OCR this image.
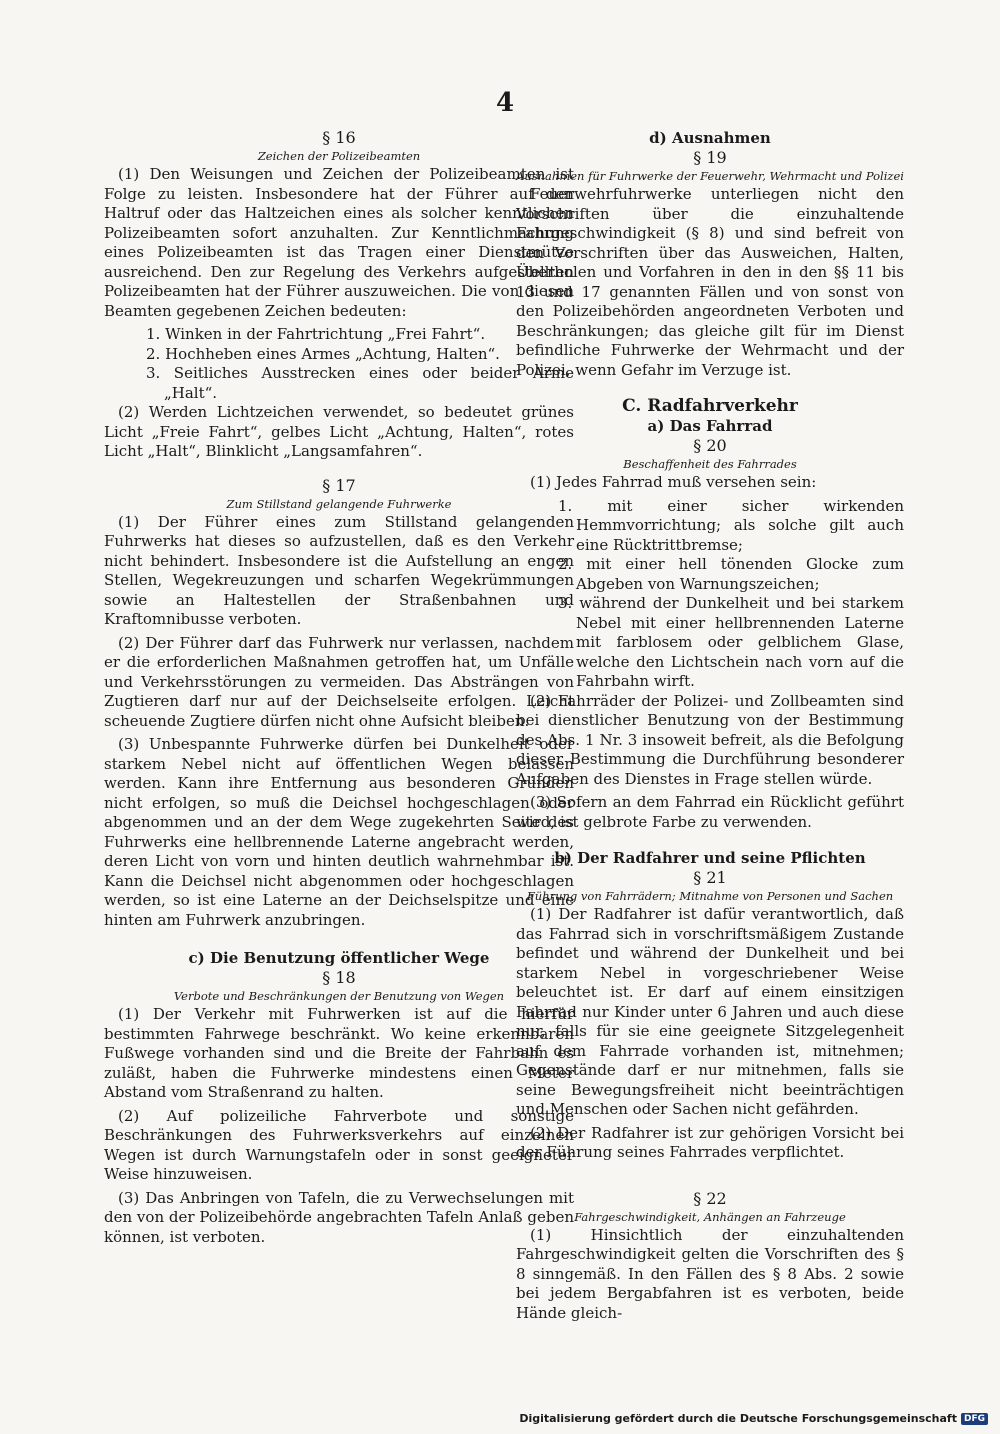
4

§ 16

Zeichen der Polizeibeamten

(1) Den Weisungen und Zeichen der Polizeibeamten ist Folge zu leisten. Insbesondere hat der Führer auf den Haltruf oder das Haltzeichen eines als solcher kenntlichen Polizeibeamten sofort anzuhalten. Zur Kenntlichmachung eines Polizeibeamten ist das Tragen einer Dienstmütze ausreichend. Den zur Regelung des Verkehrs aufgestellten Polizeibeamten hat der Führer auszuweichen. Die von diesen Beamten gegebenen Zeichen bedeuten:

1. Winken in der Fahrtrichtung „Frei Fahrt“.

2. Hochheben eines Armes „Achtung, Halten“.

3. Seitliches Ausstrecken eines oder beider Arme „Halt“.

(2) Werden Lichtzeichen verwendet, so bedeutet grünes Licht „Freie Fahrt“, gelbes Licht „Achtung, Halten“, rotes Licht „Halt“, Blinklicht „Langsamfahren“.

§ 17

Zum Stillstand gelangende Fuhrwerke

(1) Der Führer eines zum Stillstand gelangenden Fuhrwerks hat dieses so aufzustellen, daß es den Verkehr nicht behindert. Insbesondere ist die Aufstellung an engen Stellen, Wegekreuzungen und scharfen Wegekrümmungen sowie an Haltestellen der Straßenbahnen und Kraftomnibusse verboten.

(2) Der Führer darf das Fuhrwerk nur verlassen, nachdem er die erforderlichen Maßnahmen getroffen hat, um Unfälle und Verkehrsstörungen zu vermeiden. Das Absträngen von Zugtieren darf nur auf der Deichselseite erfolgen. Leicht scheuende Zugtiere dürfen nicht ohne Aufsicht bleiben.

(3) Unbespannte Fuhrwerke dürfen bei Dunkelheit oder starkem Nebel nicht auf öffentlichen Wegen belassen werden. Kann ihre Entfernung aus besonderen Gründen nicht erfolgen, so muß die Deichsel hochgeschlagen oder abgenommen und an der dem Wege zugekehrten Seite des Fuhrwerks eine hellbrennende Laterne angebracht werden, deren Licht von vorn und hinten deutlich wahrnehmbar ist. Kann die Deichsel nicht abgenommen oder hochgeschlagen werden, so ist eine Laterne an der Deichselspitze und eine hinten am Fuhrwerk anzubringen.

c) Die Benutzung öffentlicher Wege

§ 18

Verbote und Beschränkungen der Benutzung von Wegen

(1) Der Verkehr mit Fuhrwerken ist auf die hierfür bestimmten Fahrwege beschränkt. Wo keine erkennbaren Fußwege vorhanden sind und die Breite der Fahrbahn es zuläßt, haben die Fuhrwerke mindestens einen Meter Abstand vom Straßenrand zu halten.

(2) Auf polizeiliche Fahrverbote und sonstige Beschränkungen des Fuhrwerksverkehrs auf einzelnen Wegen ist durch Warnungstafeln oder in sonst geeigneter Weise hinzuweisen.

(3) Das Anbringen von Tafeln, die zu Verwechselungen mit den von der Polizeibehörde angebrachten Tafeln Anlaß geben können, ist verboten.

d) Ausnahmen

§ 19

Ausnahmen für Fuhrwerke der Feuerwehr, Wehrmacht und Polizei

Feuerwehrfuhrwerke unterliegen nicht den Vorschriften über die einzuhaltende Fahrgeschwindigkeit (§ 8) und sind befreit von den Vorschriften über das Ausweichen, Halten, Überholen und Vorfahren in den in den §§ 11 bis 13 und 17 genannten Fällen und von sonst von den Polizeibehörden angeordneten Verboten und Beschränkungen; das gleiche gilt für im Dienst befindliche Fuhrwerke der Wehrmacht und der Polizei, wenn Gefahr im Verzuge ist.

C. Radfahrverkehr

a) Das Fahrrad

§ 20

Beschaffenheit des Fahrrades

(1) Jedes Fahrrad muß versehen sein:

1. mit einer sicher wirkenden Hemmvorrichtung; als solche gilt auch eine Rücktrittbremse;

2. mit einer hell tönenden Glocke zum Abgeben von Warnungszeichen;

3. während der Dunkelheit und bei starkem Nebel mit einer hellbrennenden Laterne mit farblosem oder gelblichem Glase, welche den Lichtschein nach vorn auf die Fahrbahn wirft.

(2) Fahrräder der Polizei- und Zollbeamten sind bei dienstlicher Benutzung von der Bestimmung des Abs. 1 Nr. 3 insoweit befreit, als die Befolgung dieser Bestimmung die Durchführung besonderer Aufgaben des Dienstes in Frage stellen würde.

(3) Sofern an dem Fahrrad ein Rücklicht geführt wird, ist gelbrote Farbe zu verwenden.

b) Der Radfahrer und seine Pflichten

§ 21

Führung von Fahrrädern; Mitnahme von Personen und Sachen

(1) Der Radfahrer ist dafür verantwortlich, daß das Fahrrad sich in vorschriftsmäßigem Zustande befindet und während der Dunkelheit und bei starkem Nebel in vorgeschriebener Weise beleuchtet ist. Er darf auf einem einsitzigen Fahrrad nur Kinder unter 6 Jahren und auch diese nur, falls für sie eine geeignete Sitzgelegenheit auf dem Fahrrade vorhanden ist, mitnehmen; Gegenstände darf er nur mitnehmen, falls sie seine Bewegungsfreiheit nicht beeinträchtigen und Menschen oder Sachen nicht gefährden.

(2) Der Radfahrer ist zur gehörigen Vorsicht bei der Führung seines Fahrrades verpflichtet.

§ 22

Fahrgeschwindigkeit, Anhängen an Fahrzeuge

(1) Hinsichtlich der einzuhaltenden Fahrgeschwindigkeit gelten die Vorschriften des § 8 sinngemäß. In den Fällen des § 8 Abs. 2 sowie bei jedem Bergabfahren ist es verboten, beide Hände gleich-

Digitalisierung gefördert durch die Deutsche Forschungsgemeinschaft DFG
